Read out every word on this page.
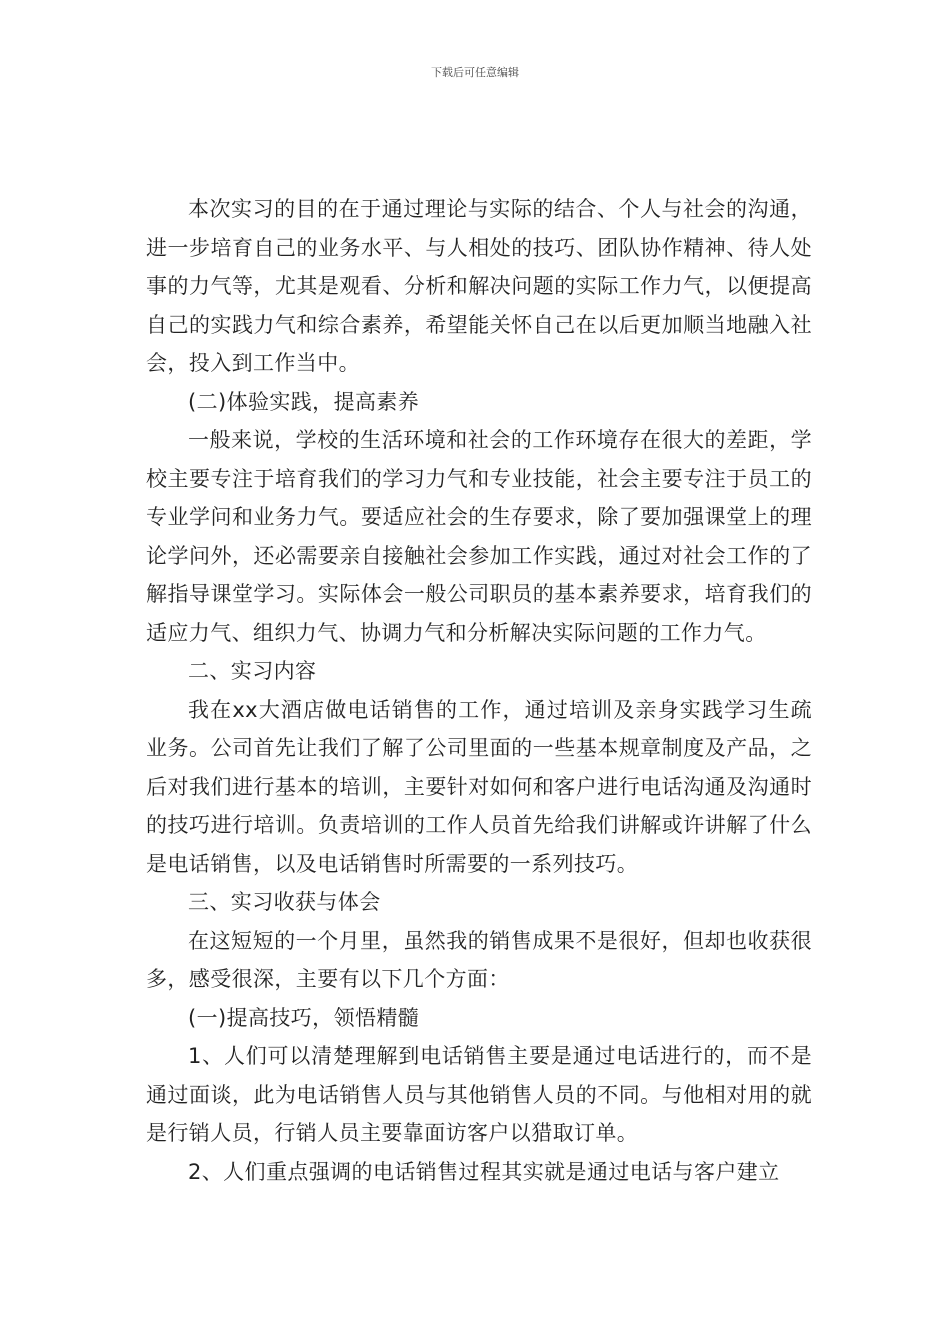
下载后可任意编辑

本次实习的目的在于通过理论与实际的结合、个人与社会的沟通，进一步培育自己的业务水平、与人相处的技巧、团队协作精神、待人处事的力气等，尤其是观看、分析和解决问题的实际工作力气，以便提高自己的实践力气和综合素养，希望能关怀自己在以后更加顺当地融入社会，投入到工作当中。

(二)体验实践，提高素养

一般来说，学校的生活环境和社会的工作环境存在很大的差距，学校主要专注于培育我们的学习力气和专业技能，社会主要专注于员工的专业学问和业务力气。要适应社会的生存要求，除了要加强课堂上的理论学问外，还必需要亲自接触社会参加工作实践，通过对社会工作的了解指导课堂学习。实际体会一般公司职员的基本素养要求，培育我们的适应力气、组织力气、协调力气和分析解决实际问题的工作力气。

二、实习内容

我在xx大酒店做电话销售的工作，通过培训及亲身实践学习生疏业务。公司首先让我们了解了公司里面的一些基本规章制度及产品，之后对我们进行基本的培训，主要针对如何和客户进行电话沟通及沟通时的技巧进行培训。负责培训的工作人员首先给我们讲解或许讲解了什么是电话销售，以及电话销售时所需要的一系列技巧。

三、实习收获与体会

在这短短的一个月里，虽然我的销售成果不是很好，但却也收获很多，感受很深，主要有以下几个方面：

(一)提高技巧，领悟精髓

1、人们可以清楚理解到电话销售主要是通过电话进行的，而不是通过面谈，此为电话销售人员与其他销售人员的不同。与他相对用的就是行销人员，行销人员主要靠面访客户以猎取订单。

2、人们重点强调的电话销售过程其实就是通过电话与客户建立
